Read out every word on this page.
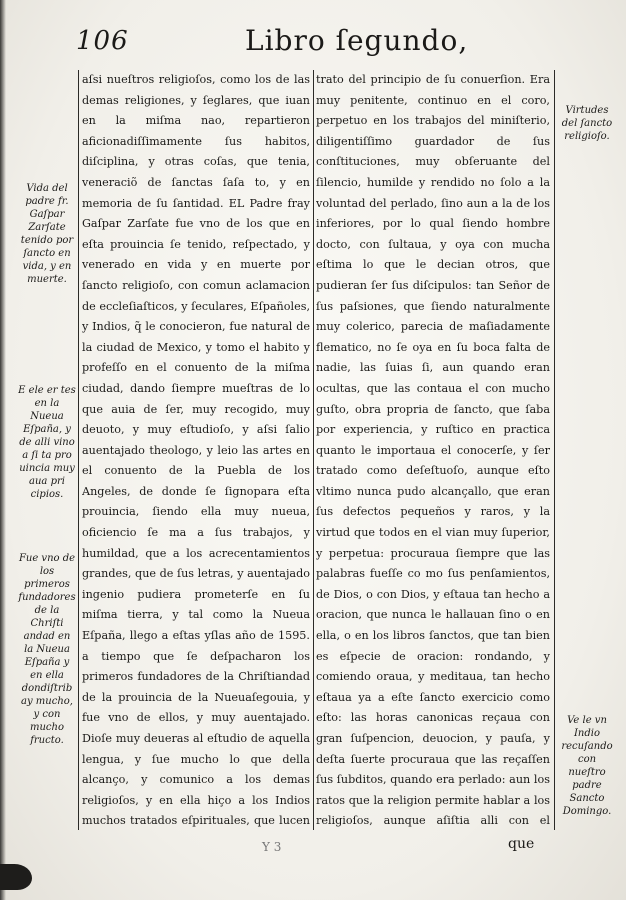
106	Libro ſegundo,
Vida del padre fr. Gaſpar Zarſate tenido por ſancto en vida, y en muerte.
E ele er tes en la Nueua Eſpaña, y de alli vino a ſi ta pro uincia muy aua pri cipios.
Fue vno de los primeros fundadores de la Chriſti andad en la Nueua Eſpaña y en ella dondiſtrib ay mucho, y con mucho fructo.
Virtudes del ſancto religioſo.
Ve le vn Indio recuſando con nueſtro padre Sancto Domingo.
aſsi nueſtros religioſos, como los de las demas religiones, y ſeglares, que iuan en la miſma nao, repartieron aficionadiſſimamente ſus habitos, diſciplina, y otras coſas, que tenia, veneraciõ de ſanctas ſaſa to, y en memoria de ſu ſantidad. EL Padre fray Gaſpar Zarſate fue vno de los que en eſta prouincia ſe tenido, reſpectado, y venerado en vida y en muerte por ſancto religioſo, con comun aclamacion de eccleſiaſticos, y ſeculares, Eſpañoles, y Indios, q̃ le conocieron, fue natural de la ciudad de Mexico, y tomo el habito y profeſſo en el conuento de la miſma ciudad, dando ſiempre mueſtras de lo que auia de ſer, muy recogido, muy deuoto, y muy eſtudioſo, y aſsi ſalio auentajado theologo, y leio las artes en el conuento de la Puebla de los Angeles, de donde ſe ſignopara eſta prouincia, ſiendo ella muy nueua, oficiencio ſe ma a ſus trabajos, y humildad, que a los acrecentamientos grandes, que de ſus letras, y auentajado ingenio pudiera prometerſe en ſu miſma tierra, y tal como la Nueua Eſpaña, llego a eſtas yſlas año de 1595. a tiempo que ſe deſpacharon los primeros fundadores de la Chriſtiandad de la prouincia de la Nueuaſegouia, y fue vno de ellos, y muy auentajado. Dioſe muy deueras al eſtudio de aquella lengua, y ſue mucho lo que della alcanço, y comunico a los demas religioſos, y en ella hiço a los Indios muchos tratados eſpirituales, que lucen
trato del principio de ſu conuerſion. Era muy penitente, continuo en el coro, perpetuo en los trabajos del miniſterio, diligentiſſimo guardador de ſus conſtituciones, muy obſeruante del ſilencio, humilde y rendido no ſolo a la voluntad del perlado, ſino aun a la de los inferiores, por lo qual ſiendo hombre docto, con ſultaua, y oya con mucha eſtima lo que le decian otros, que pudieran ſer ſus diſcipulos: tan Señor de ſus paſsiones, que ſiendo naturalmente muy colerico, parecia de maſiadamente flematico, no ſe oya en ſu boca falta de nadie, las ſuias ſi, aun quando eran ocultas, que las contaua el con mucho guſto, obra propria de ſancto, que ſaba por experiencia, y ruſtico en practica quanto le importaua el conocerſe, y ſer tratado como deſeſtuoſo, aunque eſto vltimo nunca pudo alcançallo, que eran ſus defectos pequeños y raros, y la virtud que todos en el vian muy ſuperior, y perpetua: procuraua ſiempre que las palabras fueſſe co mo ſus penſamientos, de Dios, o con Dios, y eſtaua tan hecho a oracion, que nunca le hallauan ſino o en ella, o en los libros ſanctos, que tan bien es eſpecie de oracion: rondando, y comiendo oraua, y meditaua, tan hecho eſtaua ya a eſte ſancto exercicio como eſto: las horas canonicas reçaua con gran ſuſpencion, deuocion, y pauſa, y deſta ſuerte procuraua que las reçaſſen ſus ſubditos, quando era perlado: aun los ratos que la religion permite hablar a los religioſos, aunque aſiſtia alli con el
Y 3	que
